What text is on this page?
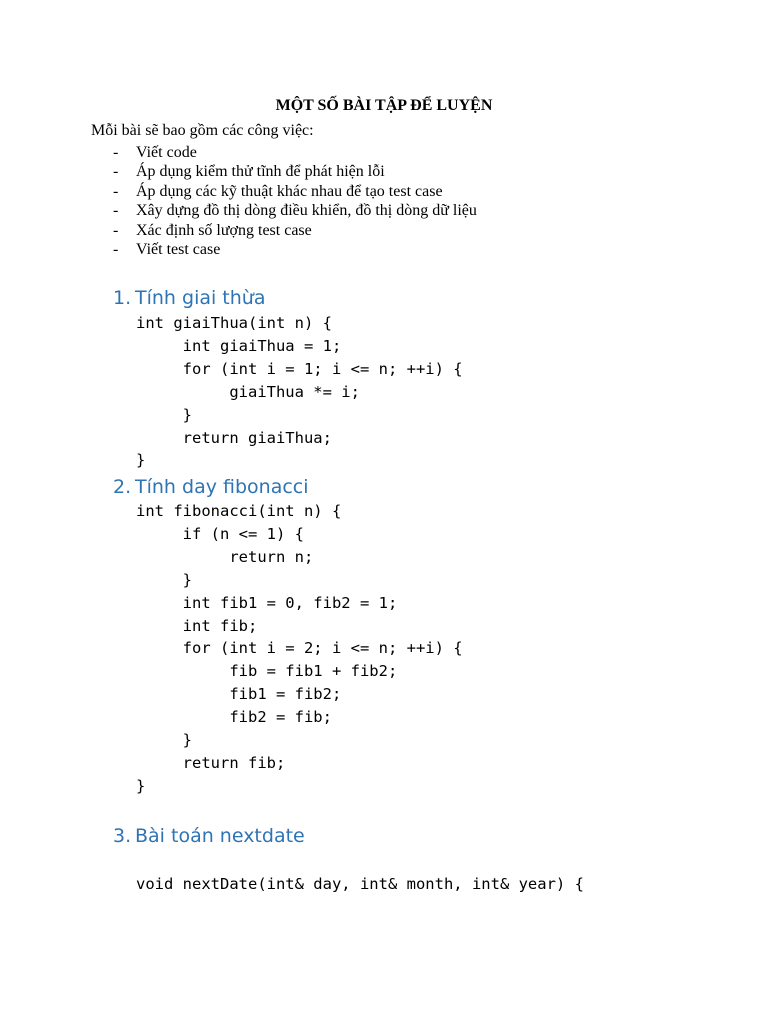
MỘT SỐ BÀI TẬP ĐỂ LUYỆN
Mỗi bài sẽ bao gồm các công việc:
- Viết code
- Áp dụng kiểm thử tĩnh để phát hiện lỗi
- Áp dụng các kỹ thuật khác nhau để tạo test case
- Xây dựng đồ thị dòng điều khiển, đồ thị dòng dữ liệu
- Xác định số lượng test case
- Viết test case
1. Tính giai thừa
int giaiThua(int n) {
int giaiThua = 1;
for (int i = 1; i <= n; ++i) {
giaiThua *= i;
}
return giaiThua;
}
2. Tính day fibonacci
int fibonacci(int n) {
if (n <= 1) {
return n;
}
int fib1 = 0, fib2 = 1;
int fib;
for (int i = 2; i <= n; ++i) {
fib = fib1 + fib2;
fib1 = fib2;
fib2 = fib;
}
return fib;
}
3. Bài toán nextdate
void nextDate(int& day, int& month, int& year) {
